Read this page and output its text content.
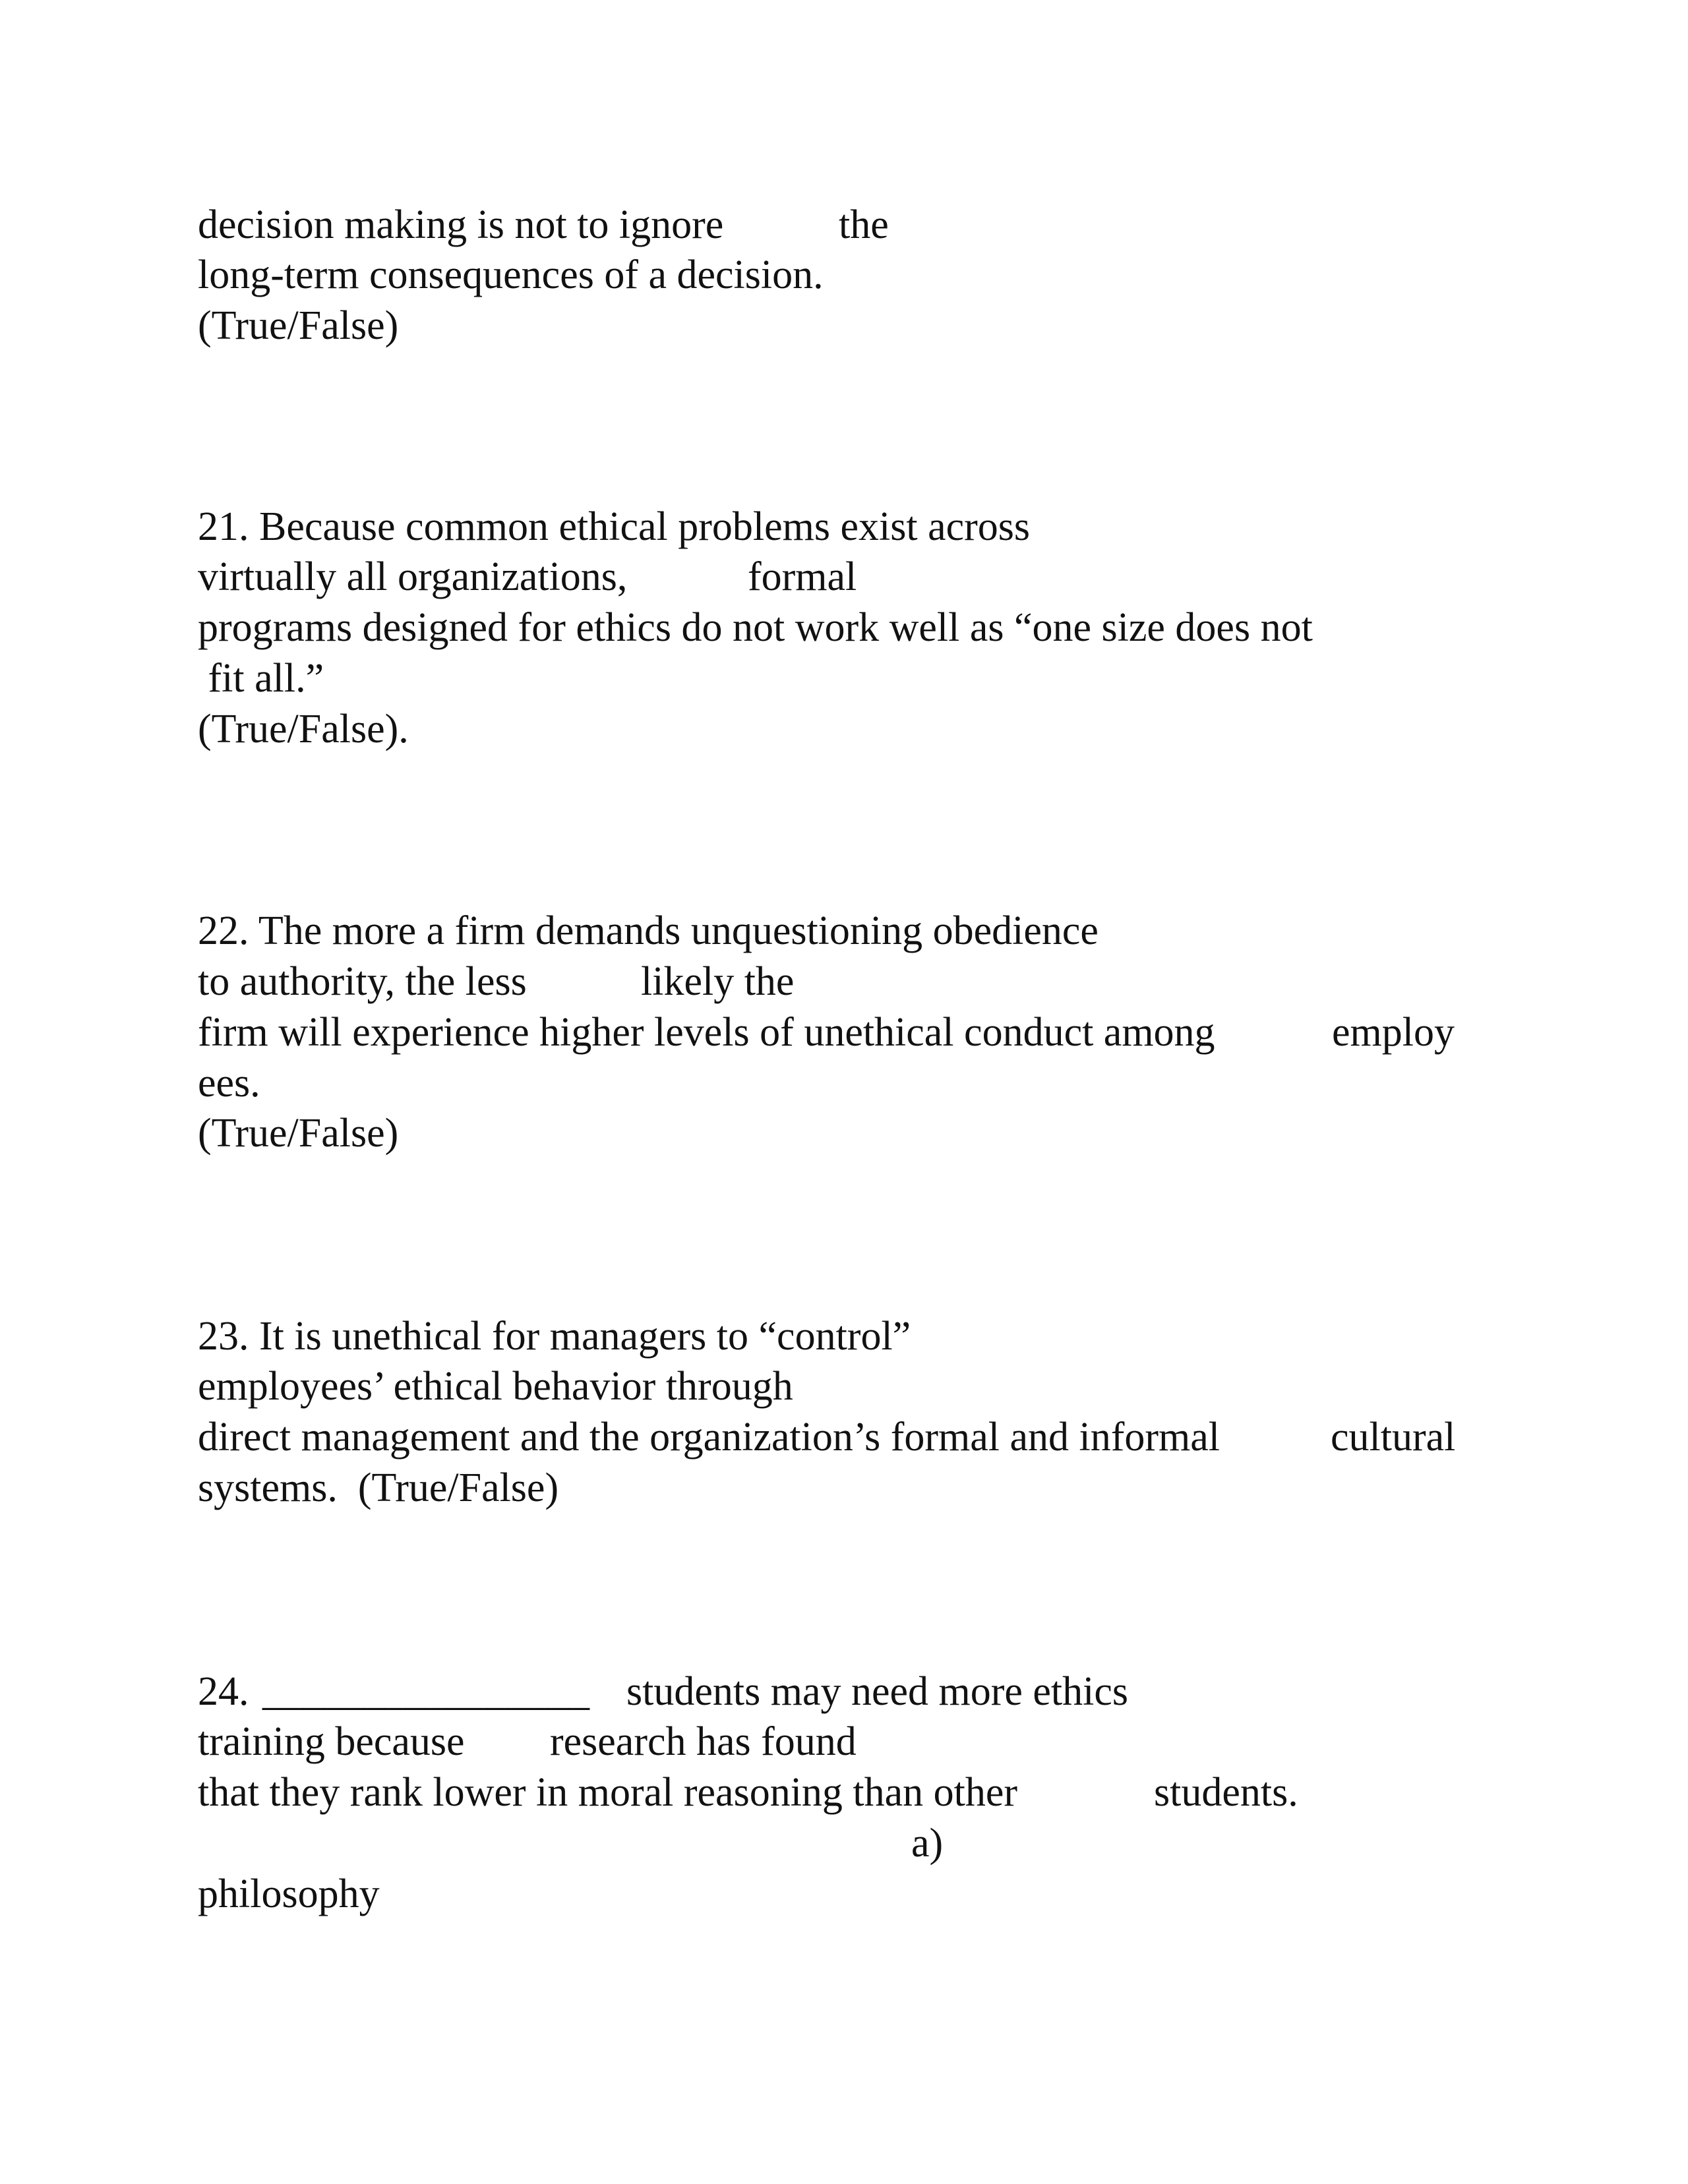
decision making is not to ignore

	the

long-term consequences of a decision.
(True/False)
21. Because common ethical problems exist across

virtually all organizations,

	formal

programs designed for ethics do not work well as “one size does not
fit all.”
(True/False).
22. The more a firm demands unquestioning obedience

to authority, the less

	likely the

firm will experience higher levels of unethical conduct among

	employ

ees.
(True/False)
23. It is unethical for managers to “control”
employees’ ethical behavior through

direct management and the organization’s formal and informal

	cultural

systems.  (True/False)

24.

________________

students may need more ethics

training because

research has found

that they rank lower in moral reasoning than other

	students.

a)

philosophy
